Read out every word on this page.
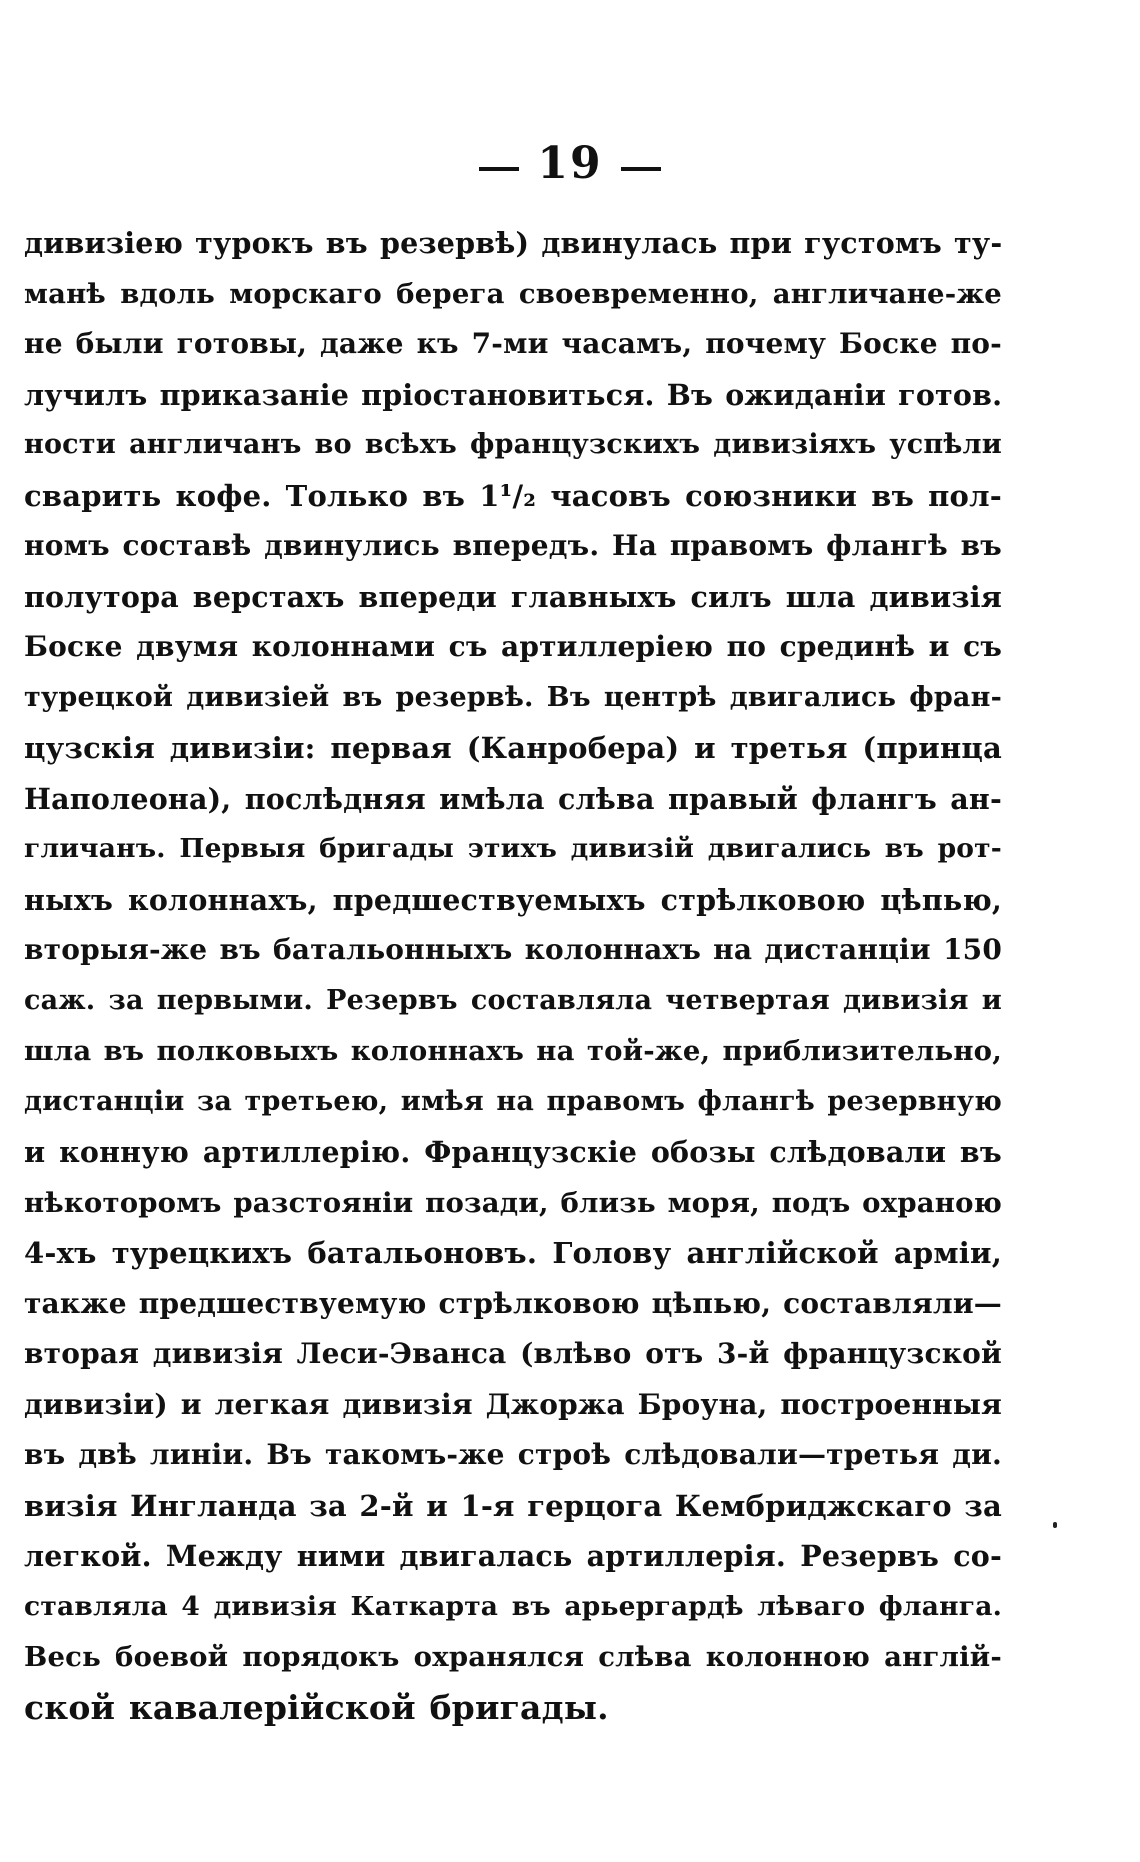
19
дивизіею турокъ въ резервѣ) двинулась при густомъ ту-
манѣ вдоль морскаго берега своевременно, англичане-же
не были готовы, даже къ 7-ми часамъ, почему Боске по-
лучилъ приказаніе пріостановиться. Въ ожиданіи готов.
ности англичанъ во всѣхъ французскихъ дивизіяхъ успѣли
сварить кофе. Только въ 1¹/₂ часовъ союзники въ пол-
номъ составѣ двинулись впередъ. На правомъ флангѣ въ
полутора верстахъ впереди главныхъ силъ шла дивизія
Боске двумя колоннами съ артиллеріею по срединѣ и съ
турецкой дивизіей въ резервѣ. Въ центрѣ двигались фран-
цузскія дивизіи: первая (Канробера) и третья (принца
Наполеона), послѣдняя имѣла слѣва правый флангъ ан-
гличанъ. Первыя бригады этихъ дивизій двигались въ рот-
ныхъ колоннахъ, предшествуемыхъ стрѣлковою цѣпью,
вторыя-же въ батальонныхъ колоннахъ на дистанціи 150
саж. за первыми. Резервъ составляла четвертая дивизія и
шла въ полковыхъ колоннахъ на той-же, приблизительно,
дистанціи за третьею, имѣя на правомъ флангѣ резервную
и конную артиллерію. Французскіе обозы слѣдовали въ
нѣкоторомъ разстояніи позади, близь моря, подъ охраною
4-хъ турецкихъ батальоновъ. Голову англійской арміи,
также предшествуемую стрѣлковою цѣпью, составляли—
вторая дивизія Леси-Эванса (влѣво отъ 3-й французской
дивизіи) и легкая дивизія Джоржа Броуна, построенныя
въ двѣ линіи. Въ такомъ-же строѣ слѣдовали—третья ди.
визія Ингланда за 2-й и 1-я герцога Кембриджскаго за
легкой. Между ними двигалась артиллерія. Резервъ со-
ставляла 4 дивизія Каткарта въ арьергардѣ лѣваго фланга.
Весь боевой порядокъ охранялся слѣва колонною англій-
ской кавалерійской бригады.
